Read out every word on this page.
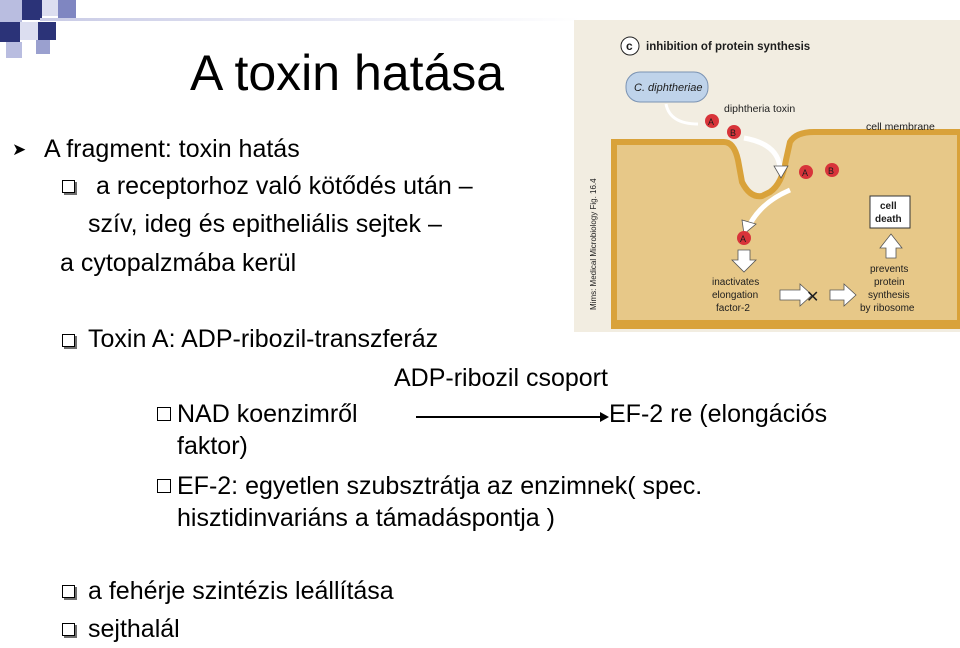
A toxin hatása
➤ A fragment: toxin hatás
a receptorhoz való kötődés után –
szív, ideg és epitheliális sejtek –
a cytopalzmába kerül
Toxin A: ADP-ribozil-transzferáz
ADP-ribozil csoport
NAD koenzimről	EF-2 re (elongációs
faktor)
EF-2: egyetlen szubsztrátja az enzimnek( spec.
hisztidinvariáns a támadáspontja )
a fehérje szintézis leállítása
sejthalál
c inhibition of protein synthesis
C. diphtheriae
diphtheria toxin
cell membrane
A
B
A B
A
inactivates
elongation
factor-2
✕
cell
death
prevents
protein
synthesis
by ribosome
Mims: Medical Microbiology Fig. 16.4
